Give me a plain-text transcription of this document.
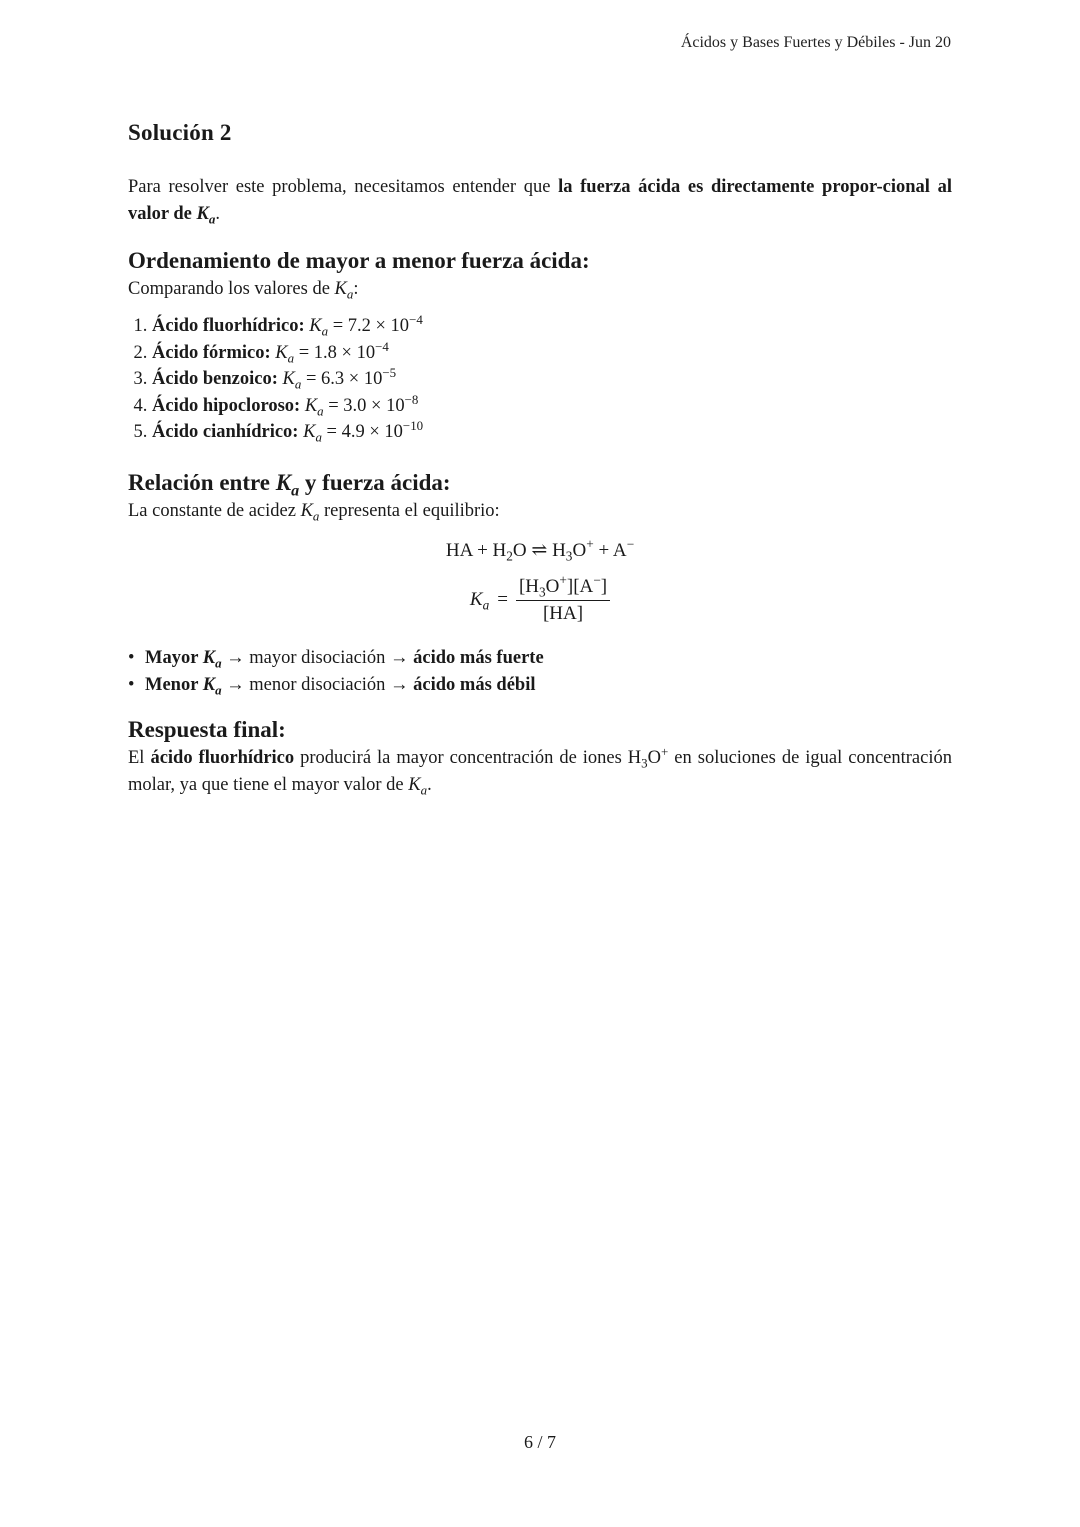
Ácidos y Bases Fuertes y Débiles - Jun 20
Solución 2

Para resolver este problema, necesitamos entender que la fuerza ácida es directamente propor-cional al valor de $K_a$.

Ordenamiento de mayor a menor fuerza ácida:

Comparando los valores de $K_a$:

1. Ácido fluorhídrico: $K_a = 7.2 \times 10^{-4}$
2. Ácido fórmico: $K_a = 1.8 \times 10^{-4}$
3. Ácido benzoico: $K_a = 6.3 \times 10^{-5}$
4. Ácido hipocloroso: $K_a = 3.0 \times 10^{-8}$
5. Ácido cianhídrico: $K_a = 4.9 \times 10^{-10}$
Relación entre $K_a$ y fuerza ácida:

La constante de acidez $K_a$ representa el equilibrio:

HA + $H_2O$ ⇌ $H_3O^+ + A^-$
$K_a = \frac{[H_3O^+][A^-]}{[HA]}$
• Mayor $K_a$ → mayor disociación → ácido más fuerte
• Menor $K_a$ → menor disociación → ácido más débil
Respuesta final:

El ácido fluorhídrico producirá la mayor concentración de iones $H_3O^+$ en soluciones de igual concentración molar, ya que tiene el mayor valor de $K_a$.

6 / 7
